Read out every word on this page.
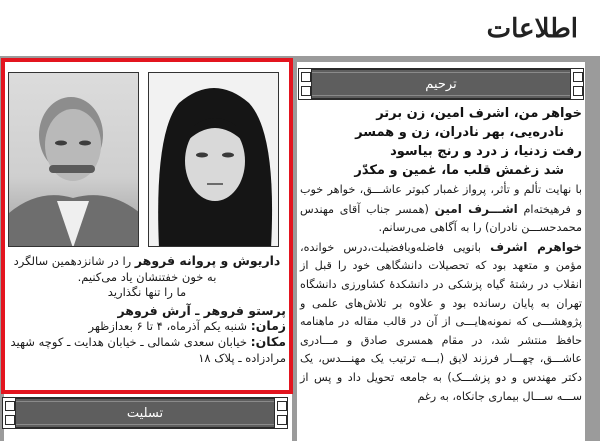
اطلاعات
ترحیم
خواهر من، اشرف امین، زن برتر
نادره‌یی، بهر نادران، زن و همسر
رفت زدنیا، ز درد و رنج بیاسود
شد زغمش قلب ما، غمین و مکدّر
با نهایت تألم و تأثر، پرواز غمبار کبوتر عاشـــق، خواهر خوب و فرهیخته‌ام اشـــرف امین (همسر جناب آقای مهندس محمدحســـن نادران) را به آگاهی می‌رسانم.
خواهرم اشرف بانویی فاضله‌وبافضیلت،درس خوانده، مؤمن و متعهد بود که تحصیلات دانشگاهی خود را قبل از انقلاب در رشتهٔ گیاه پزشکی در دانشکدهٔ کشاورزی دانشگاه تهران به پایان رسانده بود و علاوه بر تلاش‌های علمی و پژوهشـــی که نمونه‌هایـــی از آن در قالب مقاله در ماهنامه حافظ منتشر شد، در مقام همسری صادق و مـــادری عاشـــق، چهـــار فرزند لایق (بـــه ترتیب یک مهنـــدس، یک دکتر مهندس و دو پزشـــک) به جامعه تحویل داد و پس از ســـه ســـال بیماری جانکاه، به رغم
داریوش و پروانه فروهر را در شانزدهمین سالگرد
به خون خفتنشان یاد می‌کنیم.
ما را تنها نگذارید
پرستو فروهر ـ آرش فروهر
زمان: شنبه یکم آذرماه، ۴ تا ۶ بعدازظهر
مکان: خیابان سعدی شمالی ـ خیابان هدایت ـ کوچه شهید مرادزاده ـ پلاک ۱۸
تسلیت
